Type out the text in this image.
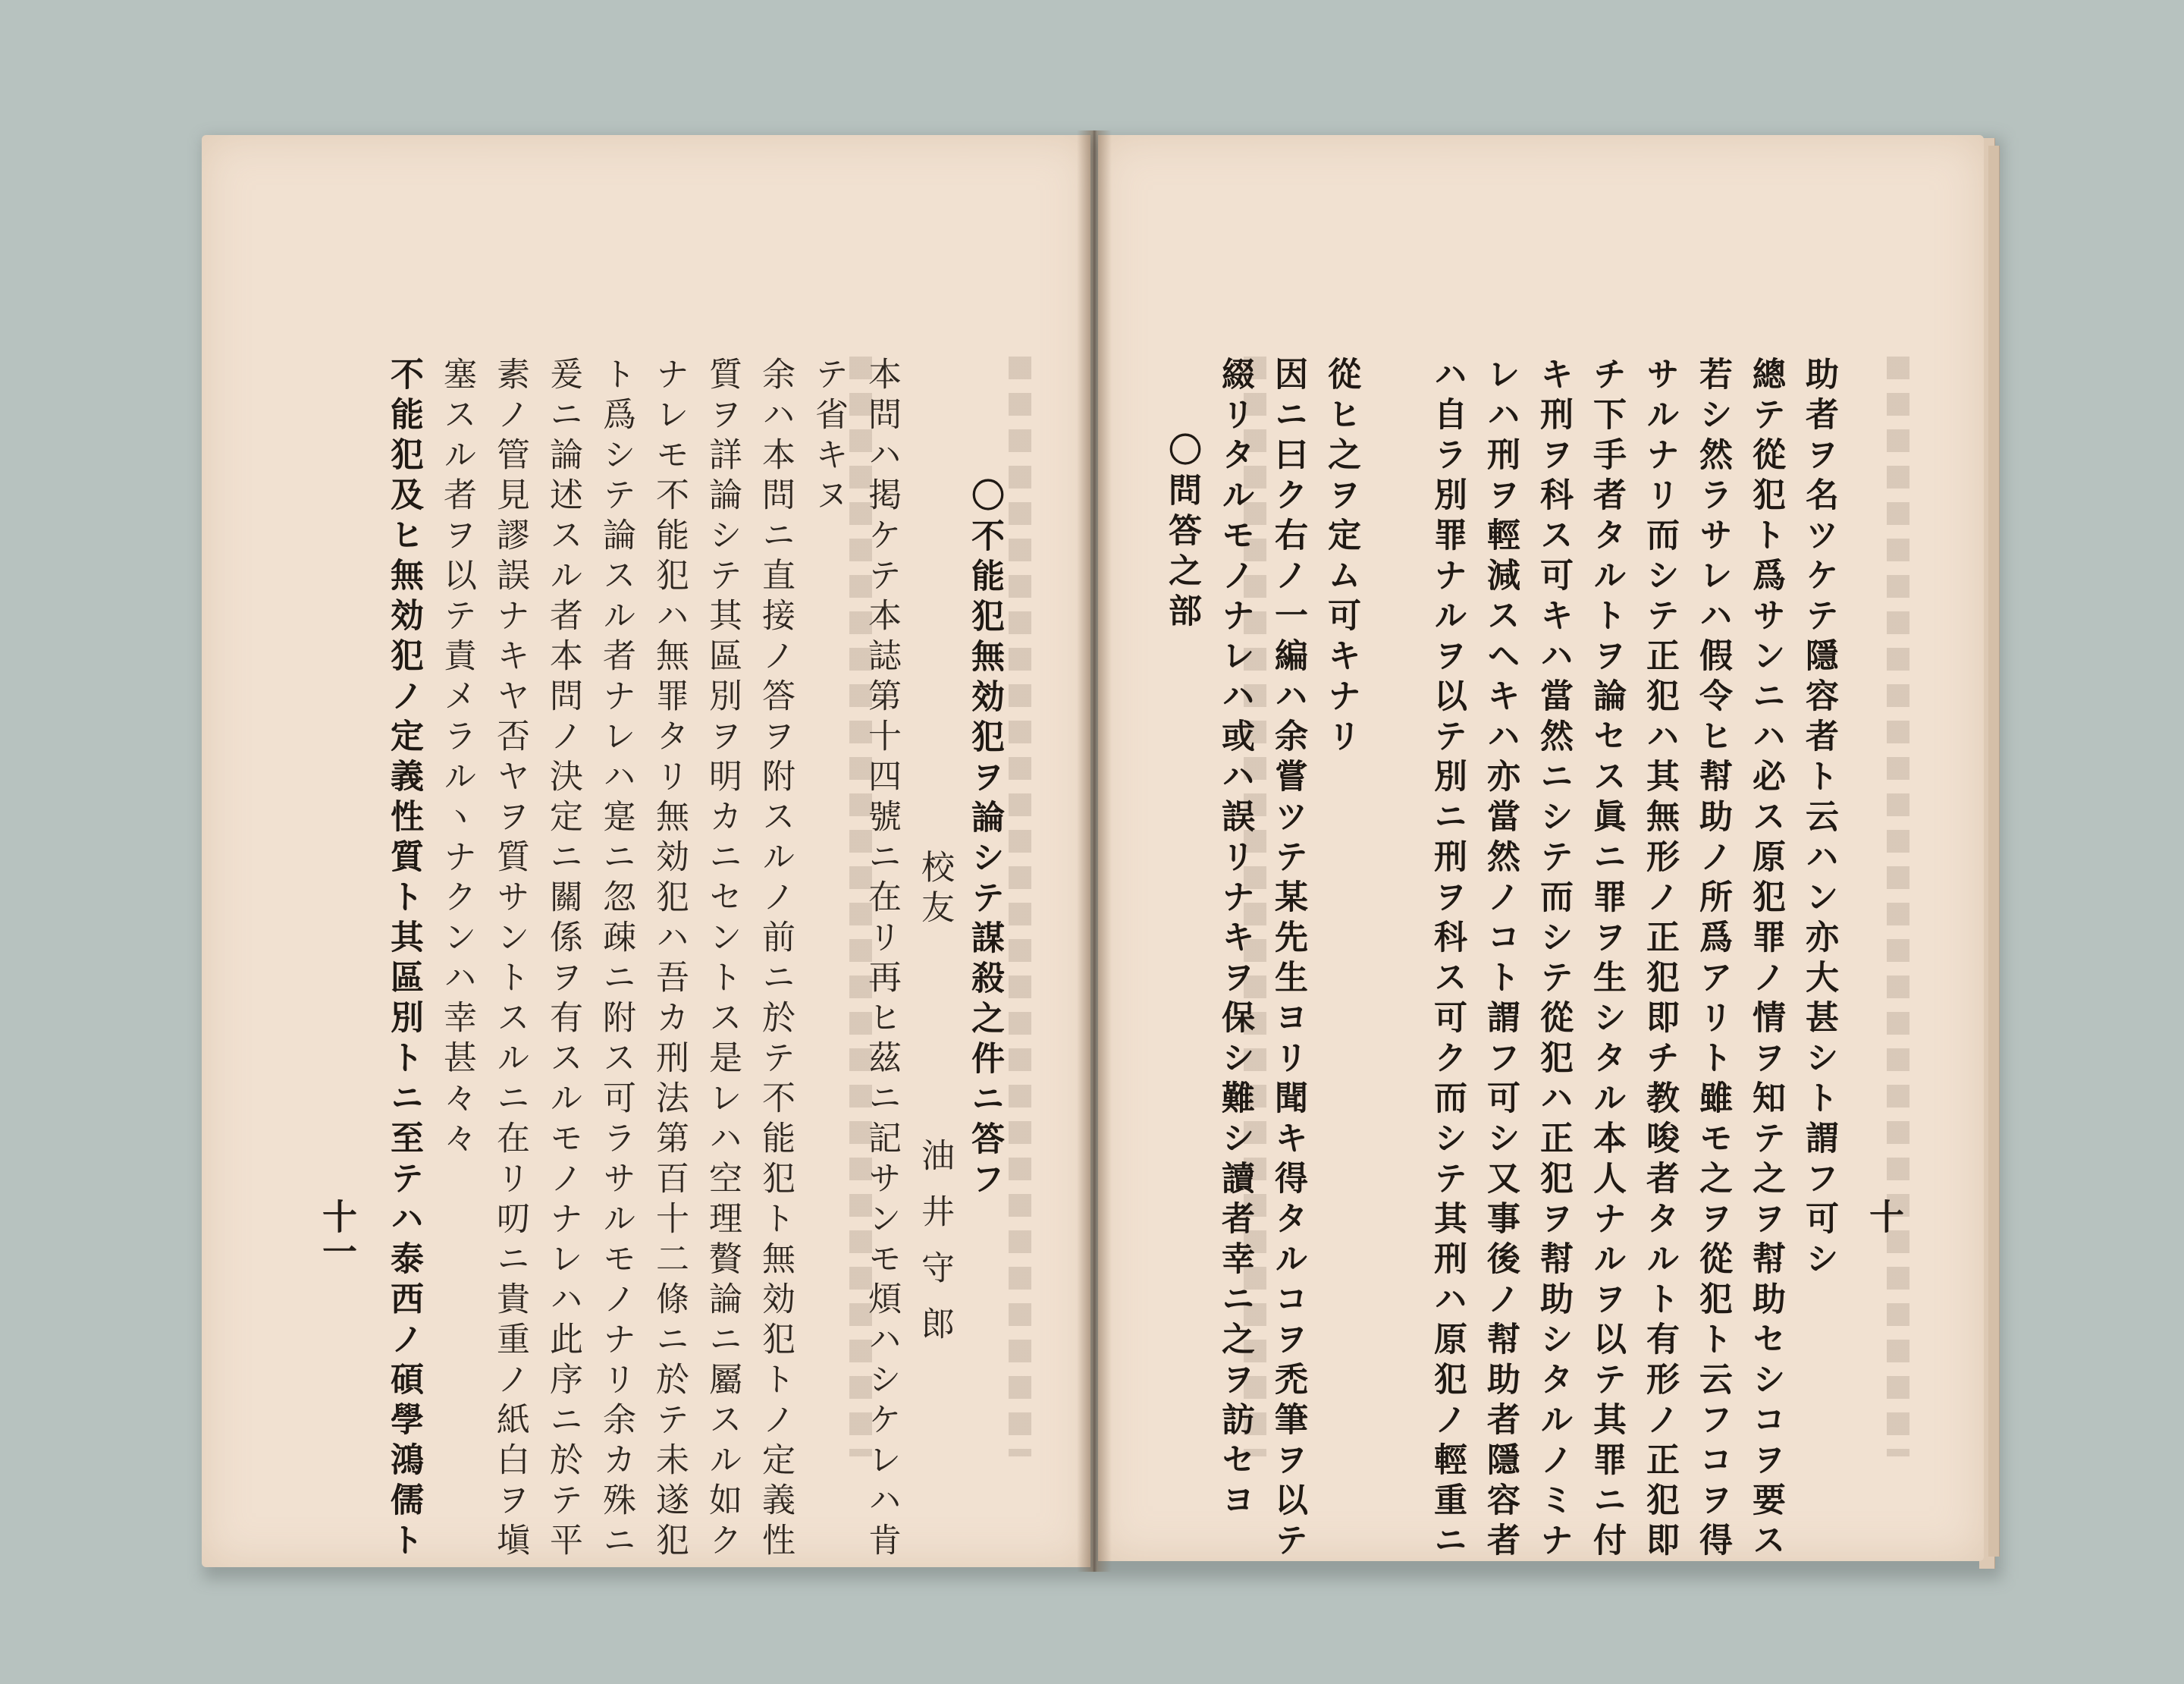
十
助者ヲ名ツケテ隱容者ト云ハン亦大甚シト謂フ可シ
總テ從犯ト爲サンニハ必ス原犯罪ノ情ヲ知テ之ヲ幇助セシコヲ要ス
若シ然ラサレハ假令ヒ幇助ノ所爲アリト雖モ之ヲ從犯ト云フコヲ得
サルナリ而シテ正犯ハ其無形ノ正犯即チ教唆者タルト有形ノ正犯即
チ下手者タルトヲ論セス眞ニ罪ヲ生シタル本人ナルヲ以テ其罪ニ付
キ刑ヲ科ス可キハ當然ニシテ而シテ從犯ハ正犯ヲ幇助シタルノミナ
レハ刑ヲ輕減スヘキハ亦當然ノコト謂フ可シ又事後ノ幇助者隱容者
ハ自ラ別罪ナルヲ以テ別ニ刑ヲ科ス可ク而シテ其刑ハ原犯ノ輕重ニ
從ヒ之ヲ定ム可キナリ
因ニ曰ク右ノ一編ハ余嘗ツテ某先生ヨリ聞キ得タルコヲ禿筆ヲ以テ
綴リタルモノナレハ或ハ誤リナキヲ保シ難シ讀者幸ニ之ヲ訪セヨ
〇問答之部
〇不能犯無効犯ヲ論シテ謀殺之件ニ答フ
校友
油井守郎
本問ハ掲ケテ本誌第十四號ニ在リ再ヒ茲ニ記サンモ煩ハシケレハ肯
テ省キヌ
余ハ本問ニ直接ノ答ヲ附スルノ前ニ於テ不能犯ト無効犯トノ定義性
質ヲ詳論シテ其區別ヲ明カニセントス是レハ空理贅論ニ屬スル如ク
ナレモ不能犯ハ無罪タリ無効犯ハ吾カ刑法第百十二條ニ於テ未遂犯
ト爲シテ論スル者ナレハ寔ニ忽疎ニ附ス可ラサルモノナリ余カ殊ニ
爰ニ論述スル者本問ノ決定ニ關係ヲ有スルモノナレハ此序ニ於テ平
素ノ管見謬誤ナキヤ否ヤヲ質サントスルニ在リ叨ニ貴重ノ紙白ヲ塡
塞スル者ヲ以テ責メラルヽナクンハ幸甚々々
不能犯及ヒ無効犯ノ定義性質ト其區別トニ至テハ泰西ノ碩學鴻儒ト
十一
